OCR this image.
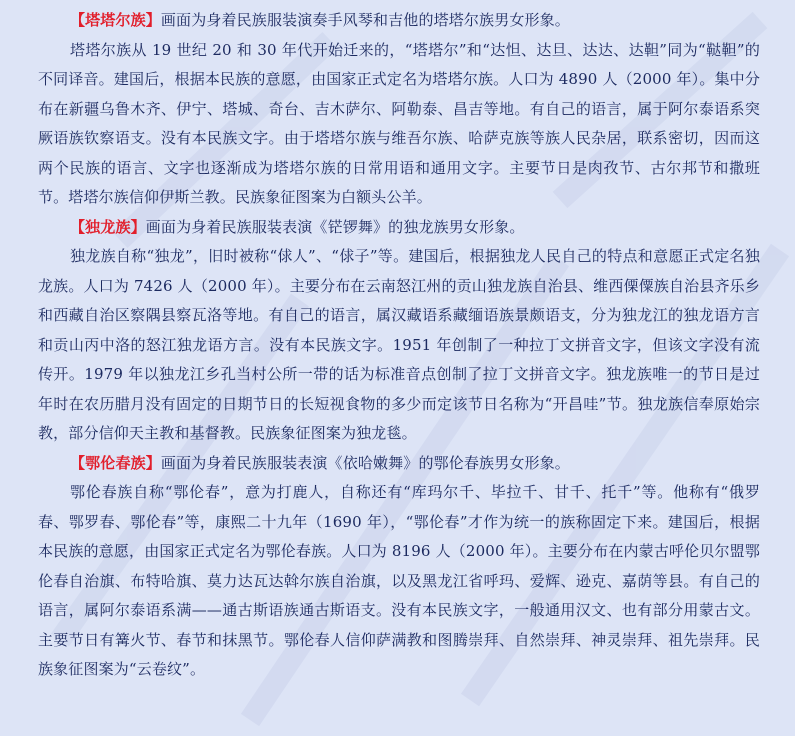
【塔塔尔族】画面为身着民族服装演奏手风琴和吉他的塔塔尔族男女形象。

塔塔尔族从 19 世纪 20 和 30 年代开始迁来的，“塔塔尔”和“达怛、达旦、达达、达靼”同为“鞑靼”的不同译音。建国后，根据本民族的意愿，由国家正式定名为塔塔尔族。人口为 4890 人（2000 年）。集中分布在新疆乌鲁木齐、伊宁、塔城、奇台、吉木萨尔、阿勒泰、昌吉等地。有自己的语言，属于阿尔泰语系突厥语族钦察语支。没有本民族文字。由于塔塔尔族与维吾尔族、哈萨克族等族人民杂居，联系密切，因而这两个民族的语言、文字也逐渐成为塔塔尔族的日常用语和通用文字。主要节日是肉孜节、古尔邦节和撒班节。塔塔尔族信仰伊斯兰教。民族象征图案为白额头公羊。

【独龙族】画面为身着民族服装表演《铓锣舞》的独龙族男女形象。

独龙族自称“独龙”，旧时被称“俅人”、“俅子”等。建国后，根据独龙人民自己的特点和意愿正式定名独龙族。人口为 7426 人（2000 年）。主要分布在云南怒江州的贡山独龙族自治县、维西傈僳族自治县齐乐乡和西藏自治区察隅县察瓦洛等地。有自己的语言，属汉藏语系藏缅语族景颇语支，分为独龙江的独龙语方言和贡山丙中洛的怒江独龙语方言。没有本民族文字。1951 年创制了一种拉丁文拼音文字，但该文字没有流传开。1979 年以独龙江乡孔当村公所一带的话为标准音点创制了拉丁文拼音文字。独龙族唯一的节日是过年时在农历腊月没有固定的日期节日的长短视食物的多少而定该节日名称为“开昌哇”节。独龙族信奉原始宗教，部分信仰天主教和基督教。民族象征图案为独龙毯。

【鄂伦春族】画面为身着民族服装表演《依哈嫩舞》的鄂伦春族男女形象。

鄂伦春族自称“鄂伦春”，意为打鹿人，自称还有“库玛尔千、毕拉千、甘千、托千”等。他称有“俄罗春、鄂罗春、鄂伦春”等，康熙二十九年（1690 年），“鄂伦春”才作为统一的族称固定下来。建国后，根据本民族的意愿，由国家正式定名为鄂伦春族。人口为 8196 人（2000 年）。主要分布在内蒙古呼伦贝尔盟鄂伦春自治旗、布特哈旗、莫力达瓦达斡尔族自治旗，以及黑龙江省呼玛、爱辉、逊克、嘉荫等县。有自己的语言，属阿尔泰语系满——通古斯语族通古斯语支。没有本民族文字，一般通用汉文、也有部分用蒙古文。主要节日有篝火节、春节和抹黑节。鄂伦春人信仰萨满教和图腾崇拜、自然崇拜、神灵崇拜、祖先崇拜。民族象征图案为“云卷纹”。
